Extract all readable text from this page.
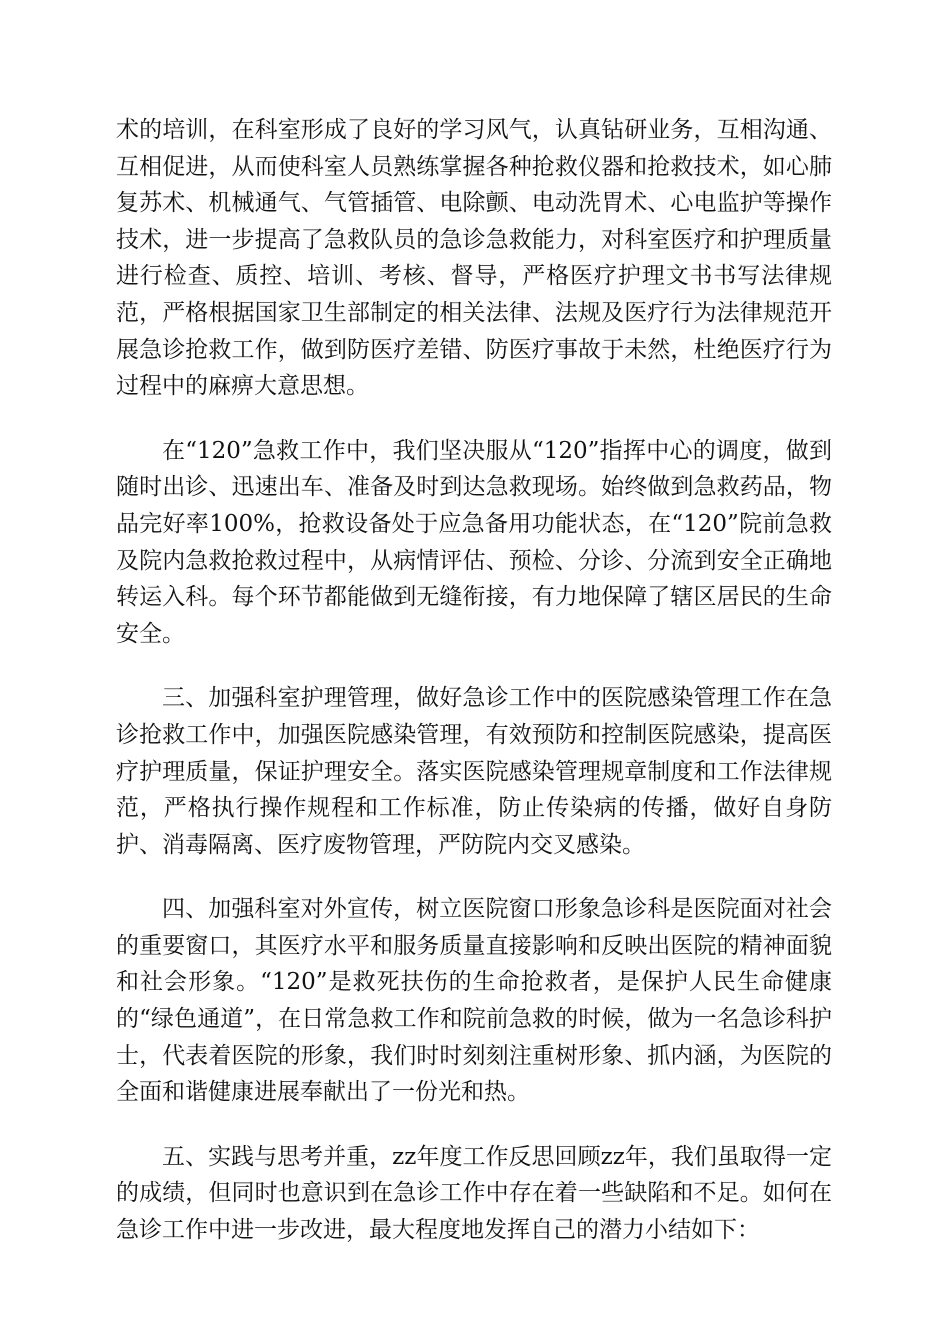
术的培训，在科室形成了良好的学习风气，认真钻研业务，互相沟通、互相促进，从而使科室人员熟练掌握各种抢救仪器和抢救技术，如心肺复苏术、机械通气、气管插管、电除颤、电动洗胃术、心电监护等操作技术，进一步提高了急救队员的急诊急救能力，对科室医疗和护理质量进行检查、质控、培训、考核、督导，严格医疗护理文书书写法律规范，严格根据国家卫生部制定的相关法律、法规及医疗行为法律规范开展急诊抢救工作，做到防医疗差错、防医疗事故于未然，杜绝医疗行为过程中的麻痹大意思想。

在“120”急救工作中，我们坚决服从“120”指挥中心的调度，做到随时出诊、迅速出车、准备及时到达急救现场。始终做到急救药品，物品完好率100%，抢救设备处于应急备用功能状态，在“120”院前急救及院内急救抢救过程中，从病情评估、预检、分诊、分流到安全正确地转运入科。每个环节都能做到无缝衔接，有力地保障了辖区居民的生命安全。

三、加强科室护理管理，做好急诊工作中的医院感染管理工作在急诊抢救工作中，加强医院感染管理，有效预防和控制医院感染，提高医疗护理质量，保证护理安全。落实医院感染管理规章制度和工作法律规范，严格执行操作规程和工作标准，防止传染病的传播，做好自身防护、消毒隔离、医疗废物管理，严防院内交叉感染。

四、加强科室对外宣传，树立医院窗口形象急诊科是医院面对社会的重要窗口，其医疗水平和服务质量直接影响和反映出医院的精神面貌和社会形象。“120”是救死扶伤的生命抢救者，是保护人民生命健康的“绿色通道”，在日常急救工作和院前急救的时候，做为一名急诊科护士，代表着医院的形象，我们时时刻刻注重树形象、抓内涵，为医院的全面和谐健康进展奉献出了一份光和热。

五、实践与思考并重，zz年度工作反思回顾zz年，我们虽取得一定的成绩，但同时也意识到在急诊工作中存在着一些缺陷和不足。如何在急诊工作中进一步改进，最大程度地发挥自己的潜力小结如下：
